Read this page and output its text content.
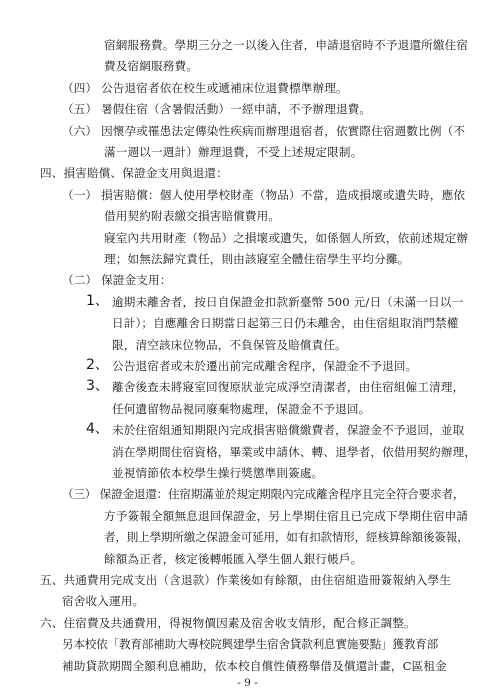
宿網服務費。學期三分之一以後入住者，申請退宿時不予退還所繳住宿
費及宿網服務費。
（四） 公告退宿者依在校生或遞補床位退費標準辦理。
（五） 暑假住宿（含暑假活動）一經申請，不予辦理退費。
（六） 因懷孕或罹患法定傳染性疾病而辦理退宿者，依實際住宿週數比例（不
滿一週以一週計）辦理退費，不受上述規定限制。
四、損害賠償、保證金支用與退還：
（一） 損害賠償：個人使用學校財產（物品）不當，造成損壞或遺失時，應依
借用契約附表繳交損害賠償費用。
寢室內共用財產（物品）之損壞或遺失，如係個人所致，依前述規定辦
理；如無法歸究責任，則由該寢室全體住宿學生平均分攤。
（二） 保證金支用：
逾期未離舍者，按日自保證金扣款新臺幣 500 元/日（未滿一日以一
1、
日計）；自應離舍日期當日起第三日仍未離舍，由住宿組取消門禁權
限，清空該床位物品，不負保管及賠償責任。
公告退宿者或未於遷出前完成離舍程序，保證金不予退回。
2、
離舍後查未將寢室回復原狀並完成淨空清潔者，由住宿組僱工清理，
3、
任何遺留物品視同廢棄物處理，保證金不予退回。
未於住宿組通知期限內完成損害賠償繳費者，保證金不予退回，並取
4、
消在學期間住宿資格，畢業或申請休、轉、退學者，依借用契約辦理，
並視情節依本校學生操行獎懲準則簽處。
（三） 保證金退還：住宿期滿並於規定期限內完成離舍程序且完全符合要求者，
方予簽報全額無息退回保證金，另上學期住宿且已完成下學期住宿申請
者，則上學期所繳之保證金可延用，如有扣款情形，經核算餘額後簽報，
餘額為正者，核定後轉帳匯入學生個人銀行帳戶。
五、共通費用完成支出（含退款）作業後如有餘額，由住宿組造冊簽報納入學生
宿舍收入運用。
六、住宿費及共通費用，得視物價因素及宿舍收支情形，配合修正調整。
另本校依「教育部補助大專校院興建學生宿舍貸款利息實施要點」獲教育部
補助貸款期間全額利息補助，依本校自償性債務舉借及償還計畫，C區租金
- 9 -
